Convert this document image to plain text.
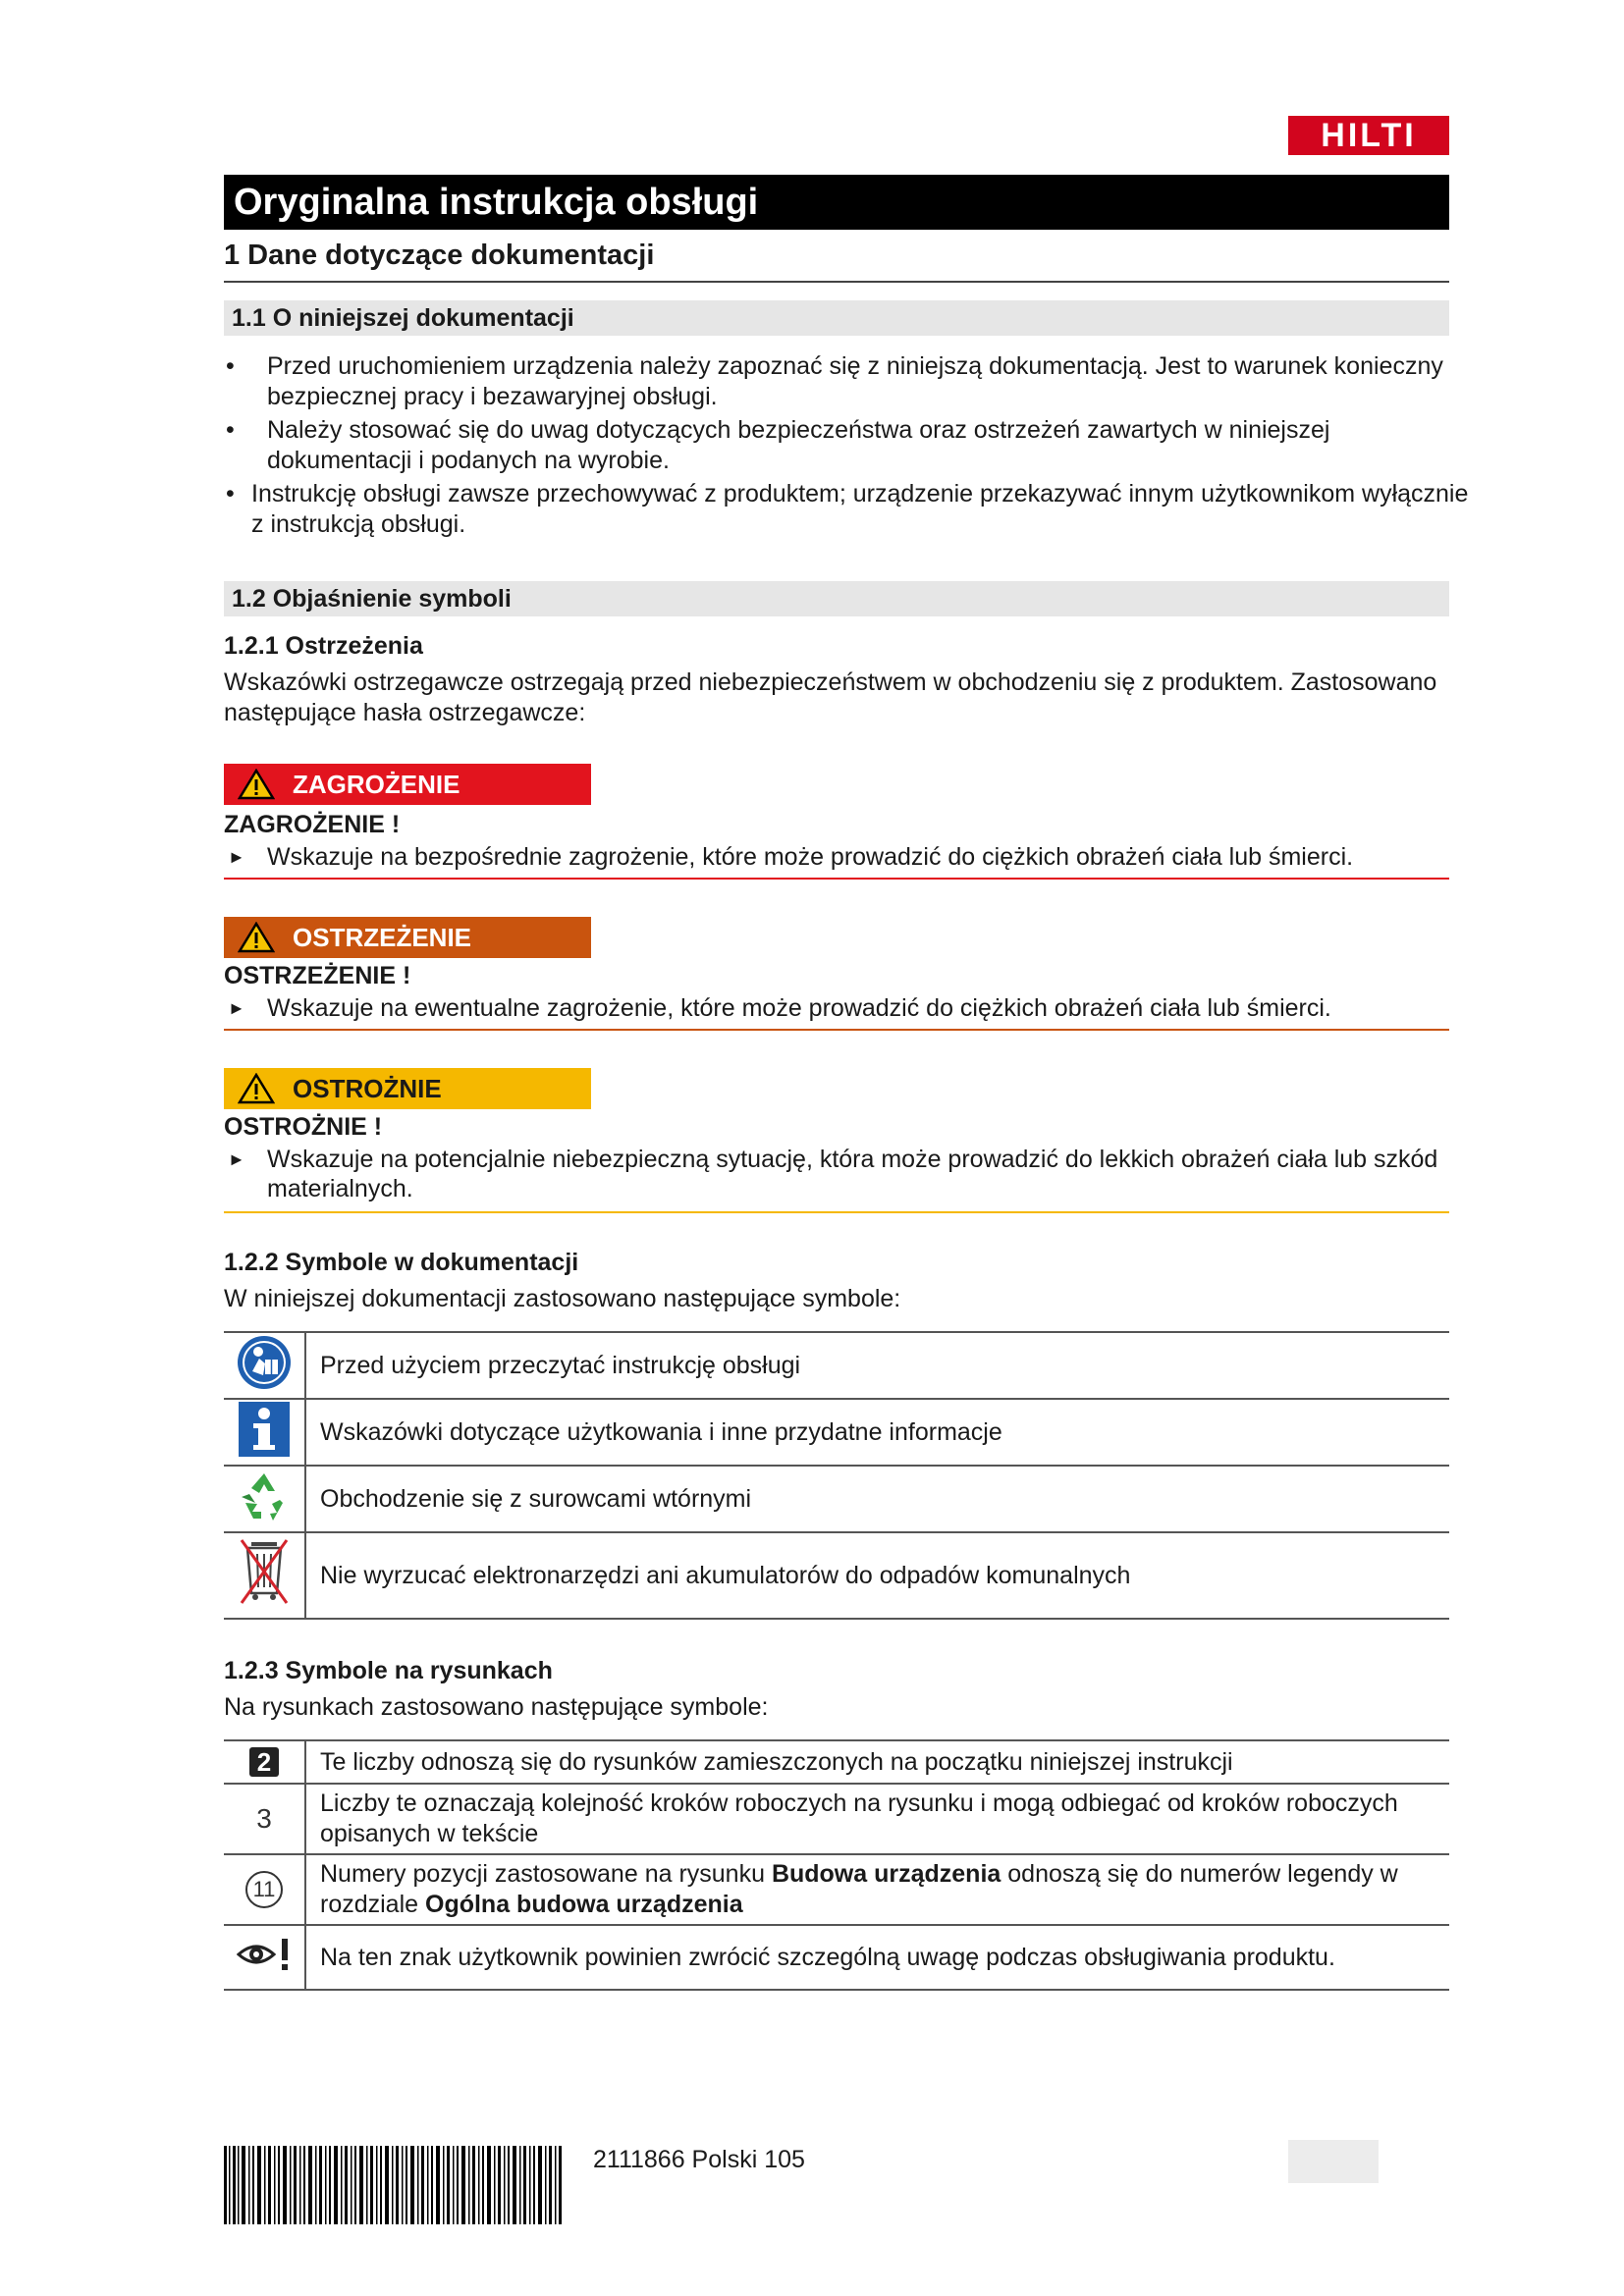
HILTI
Oryginalna instrukcja obsługi
1 Dane dotyczące dokumentacji
1.1 O niniejszej dokumentacji
• Przed uruchomieniem urządzenia należy zapoznać się z niniejszą dokumentacją. Jest to warunek konieczny bezpiecznej pracy i bezawaryjnej obsługi.
• Należy stosować się do uwag dotyczących bezpieczeństwa oraz ostrzeżeń zawartych w niniejszej dokumentacji i podanych na wyrobie.
• Instrukcję obsługi zawsze przechowywać z produktem; urządzenie przekazywać innym użytkownikom wyłącznie z instrukcją obsługi.
1.2 Objaśnienie symboli
1.2.1 Ostrzeżenia
Wskazówki ostrzegawcze ostrzegają przed niebezpieczeństwem w obchodzeniu się z produktem. Zastosowano następujące hasła ostrzegawcze:
ZAGROŻENIE
ZAGROŻENIE !
► Wskazuje na bezpośrednie zagrożenie, które może prowadzić do ciężkich obrażeń ciała lub śmierci.
OSTRZEŻENIE
OSTRZEŻENIE !
► Wskazuje na ewentualne zagrożenie, które może prowadzić do ciężkich obrażeń ciała lub śmierci.
OSTROŻNIE
OSTROŻNIE !
► Wskazuje na potencjalnie niebezpieczną sytuację, która może prowadzić do lekkich obrażeń ciała lub szkód materialnych.
1.2.2 Symbole w dokumentacji
W niniejszej dokumentacji zastosowano następujące symbole:
	Przed użyciem przeczytać instrukcję obsługi
	Wskazówki dotyczące użytkowania i inne przydatne informacje
	Obchodzenie się z surowcami wtórnymi
	Nie wyrzucać elektronarzędzi ani akumulatorów do odpadów komunalnych
1.2.3 Symbole na rysunkach
Na rysunkach zastosowano następujące symbole:
2	Te liczby odnoszą się do rysunków zamieszczonych na początku niniejszej instrukcji
3	Liczby te oznaczają kolejność kroków roboczych na rysunku i mogą odbiegać od kroków roboczych opisanych w tekście
11	Numery pozycji zastosowane na rysunku Budowa urządzenia odnoszą się do numerów legendy w rozdziale Ogólna budowa urządzenia
	Na ten znak użytkownik powinien zwrócić szczególną uwagę podczas obsługiwania produktu.
2111866 Polski 105
